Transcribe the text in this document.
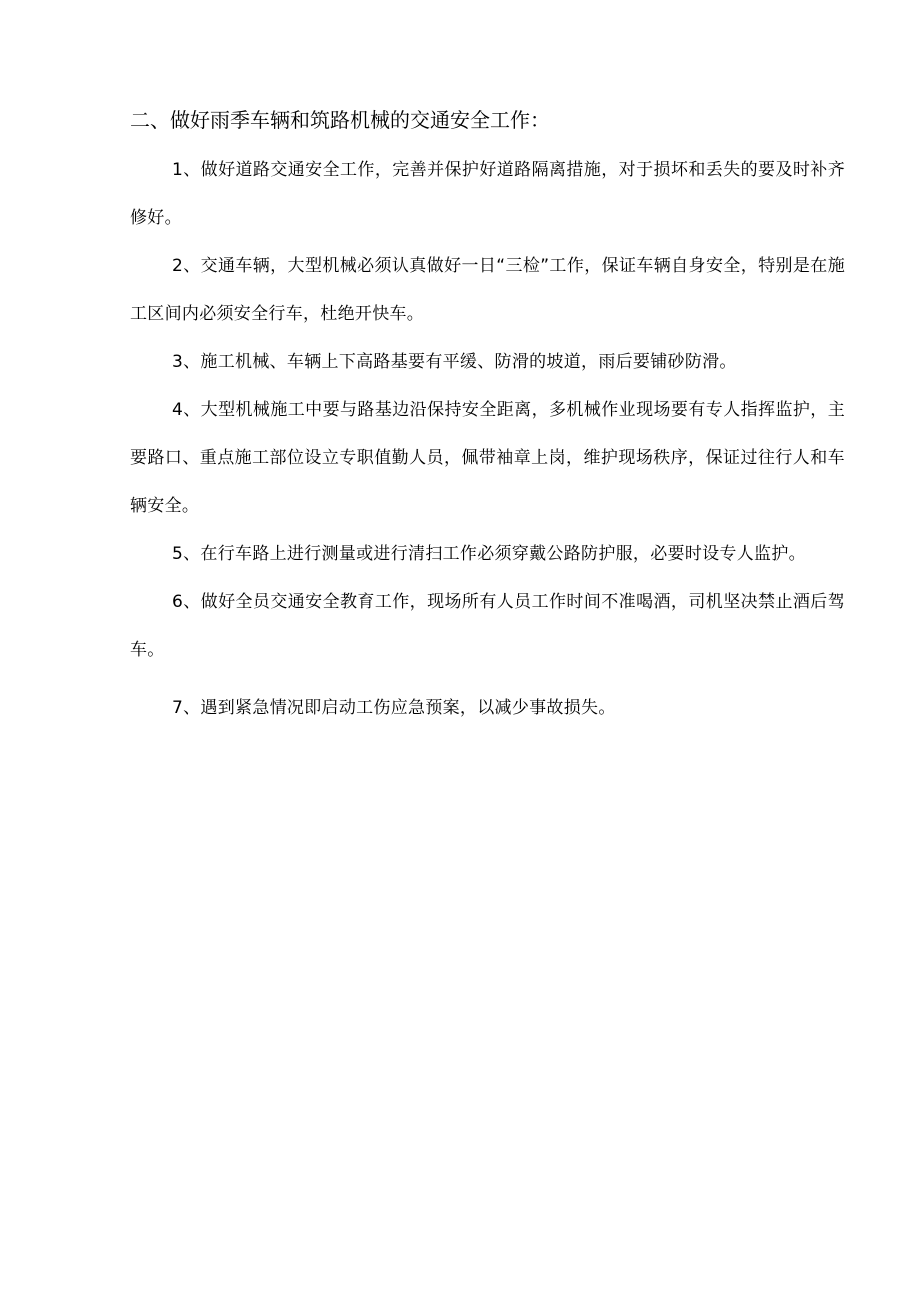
二、做好雨季车辆和筑路机械的交通安全工作：

1、做好道路交通安全工作，完善并保护好道路隔离措施，对于损坏和丢失的要及时补齐修好。

2、交通车辆，大型机械必须认真做好一日“三检”工作，保证车辆自身安全，特别是在施工区间内必须安全行车，杜绝开快车。

3、施工机械、车辆上下高路基要有平缓、防滑的坡道，雨后要铺砂防滑。

4、大型机械施工中要与路基边沿保持安全距离，多机械作业现场要有专人指挥监护，主要路口、重点施工部位设立专职值勤人员，佩带袖章上岗，维护现场秩序，保证过往行人和车辆安全。

5、在行车路上进行测量或进行清扫工作必须穿戴公路防护服，必要时设专人监护。

6、做好全员交通安全教育工作，现场所有人员工作时间不准喝酒，司机坚决禁止酒后驾车。

7、遇到紧急情况即启动工伤应急预案，以减少事故损失。
